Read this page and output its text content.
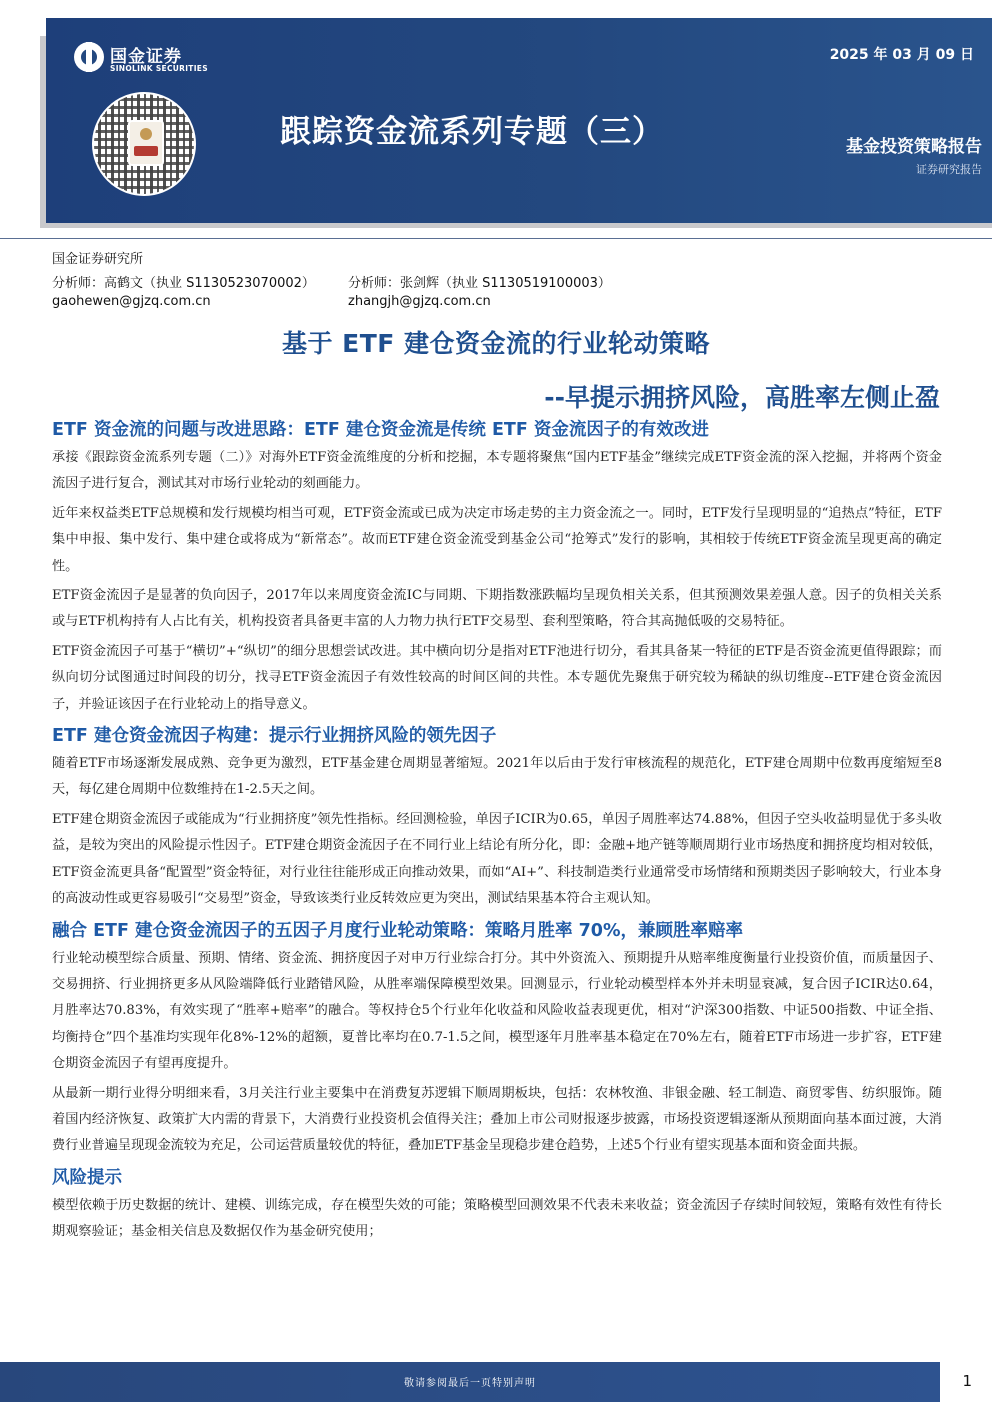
国金证券
SINOLINK SECURITIES
跟踪资金流系列专题（三）
2025 年 03 月 09 日
基金投资策略报告
证券研究报告
国金证券研究所
分析师：高鹤文（执业 S1130523070002）	分析师：张剑辉（执业 S1130519100003）
gaohewen@gjzq.com.cn	zhangjh@gjzq.com.cn
基于 ETF 建仓资金流的行业轮动策略
--早提示拥挤风险，高胜率左侧止盈
ETF 资金流的问题与改进思路：ETF 建仓资金流是传统 ETF 资金流因子的有效改进

承接《跟踪资金流系列专题（二）》对海外ETF资金流维度的分析和挖掘，本专题将聚焦“国内ETF基金”继续完成ETF资金流的深入挖掘，并将两个资金流因子进行复合，测试其对市场行业轮动的刻画能力。

近年来权益类ETF总规模和发行规模均相当可观，ETF资金流或已成为决定市场走势的主力资金流之一。同时，ETF发行呈现明显的“追热点”特征，ETF集中申报、集中发行、集中建仓或将成为“新常态”。故而ETF建仓资金流受到基金公司“抢筹式”发行的影响，其相较于传统ETF资金流呈现更高的确定性。

ETF资金流因子是显著的负向因子，2017年以来周度资金流IC与同期、下期指数涨跌幅均呈现负相关关系，但其预测效果差强人意。因子的负相关关系或与ETF机构持有人占比有关，机构投资者具备更丰富的人力物力执行ETF交易型、套利型策略，符合其高抛低吸的交易特征。

ETF资金流因子可基于“横切”+“纵切”的细分思想尝试改进。其中横向切分是指对ETF池进行切分，看其具备某一特征的ETF是否资金流更值得跟踪；而纵向切分试图通过时间段的切分，找寻ETF资金流因子有效性较高的时间区间的共性。本专题优先聚焦于研究较为稀缺的纵切维度--ETF建仓资金流因子，并验证该因子在行业轮动上的指导意义。

ETF 建仓资金流因子构建：提示行业拥挤风险的领先因子

随着ETF市场逐渐发展成熟、竞争更为激烈，ETF基金建仓周期显著缩短。2021年以后由于发行审核流程的规范化，ETF建仓周期中位数再度缩短至8天，每亿建仓周期中位数维持在1-2.5天之间。

ETF建仓期资金流因子或能成为“行业拥挤度”领先性指标。经回测检验，单因子ICIR为0.65，单因子周胜率达74.88%，但因子空头收益明显优于多头收益，是较为突出的风险提示性因子。ETF建仓期资金流因子在不同行业上结论有所分化，即：金融+地产链等顺周期行业市场热度和拥挤度均相对较低，ETF资金流更具备“配置型”资金特征，对行业往往能形成正向推动效果，而如“AI+”、科技制造类行业通常受市场情绪和预期类因子影响较大，行业本身的高波动性或更容易吸引“交易型”资金，导致该类行业反转效应更为突出，测试结果基本符合主观认知。

融合 ETF 建仓资金流因子的五因子月度行业轮动策略：策略月胜率 70%，兼顾胜率赔率

行业轮动模型综合质量、预期、情绪、资金流、拥挤度因子对申万行业综合打分。其中外资流入、预期提升从赔率维度衡量行业投资价值，而质量因子、交易拥挤、行业拥挤更多从风险端降低行业踏错风险，从胜率端保障模型效果。回测显示，行业轮动模型样本外并未明显衰减，复合因子ICIR达0.64，月胜率达70.83%，有效实现了“胜率+赔率”的融合。等权持仓5个行业年化收益和风险收益表现更优，相对“沪深300指数、中证500指数、中证全指、均衡持仓”四个基准均实现年化8%-12%的超额，夏普比率均在0.7-1.5之间，模型逐年月胜率基本稳定在70%左右，随着ETF市场进一步扩容，ETF建仓期资金流因子有望再度提升。

从最新一期行业得分明细来看，3月关注行业主要集中在消费复苏逻辑下顺周期板块，包括：农林牧渔、非银金融、轻工制造、商贸零售、纺织服饰。随着国内经济恢复、政策扩大内需的背景下，大消费行业投资机会值得关注；叠加上市公司财报逐步披露，市场投资逻辑逐渐从预期面向基本面过渡，大消费行业普遍呈现现金流较为充足，公司运营质量较优的特征，叠加ETF基金呈现稳步建仓趋势，上述5个行业有望实现基本面和资金面共振。

风险提示

模型依赖于历史数据的统计、建模、训练完成，存在模型失效的可能；策略模型回测效果不代表未来收益；资金流因子存续时间较短，策略有效性有待长期观察验证；基金相关信息及数据仅作为基金研究使用；

敬请参阅最后一页特别声明	1
